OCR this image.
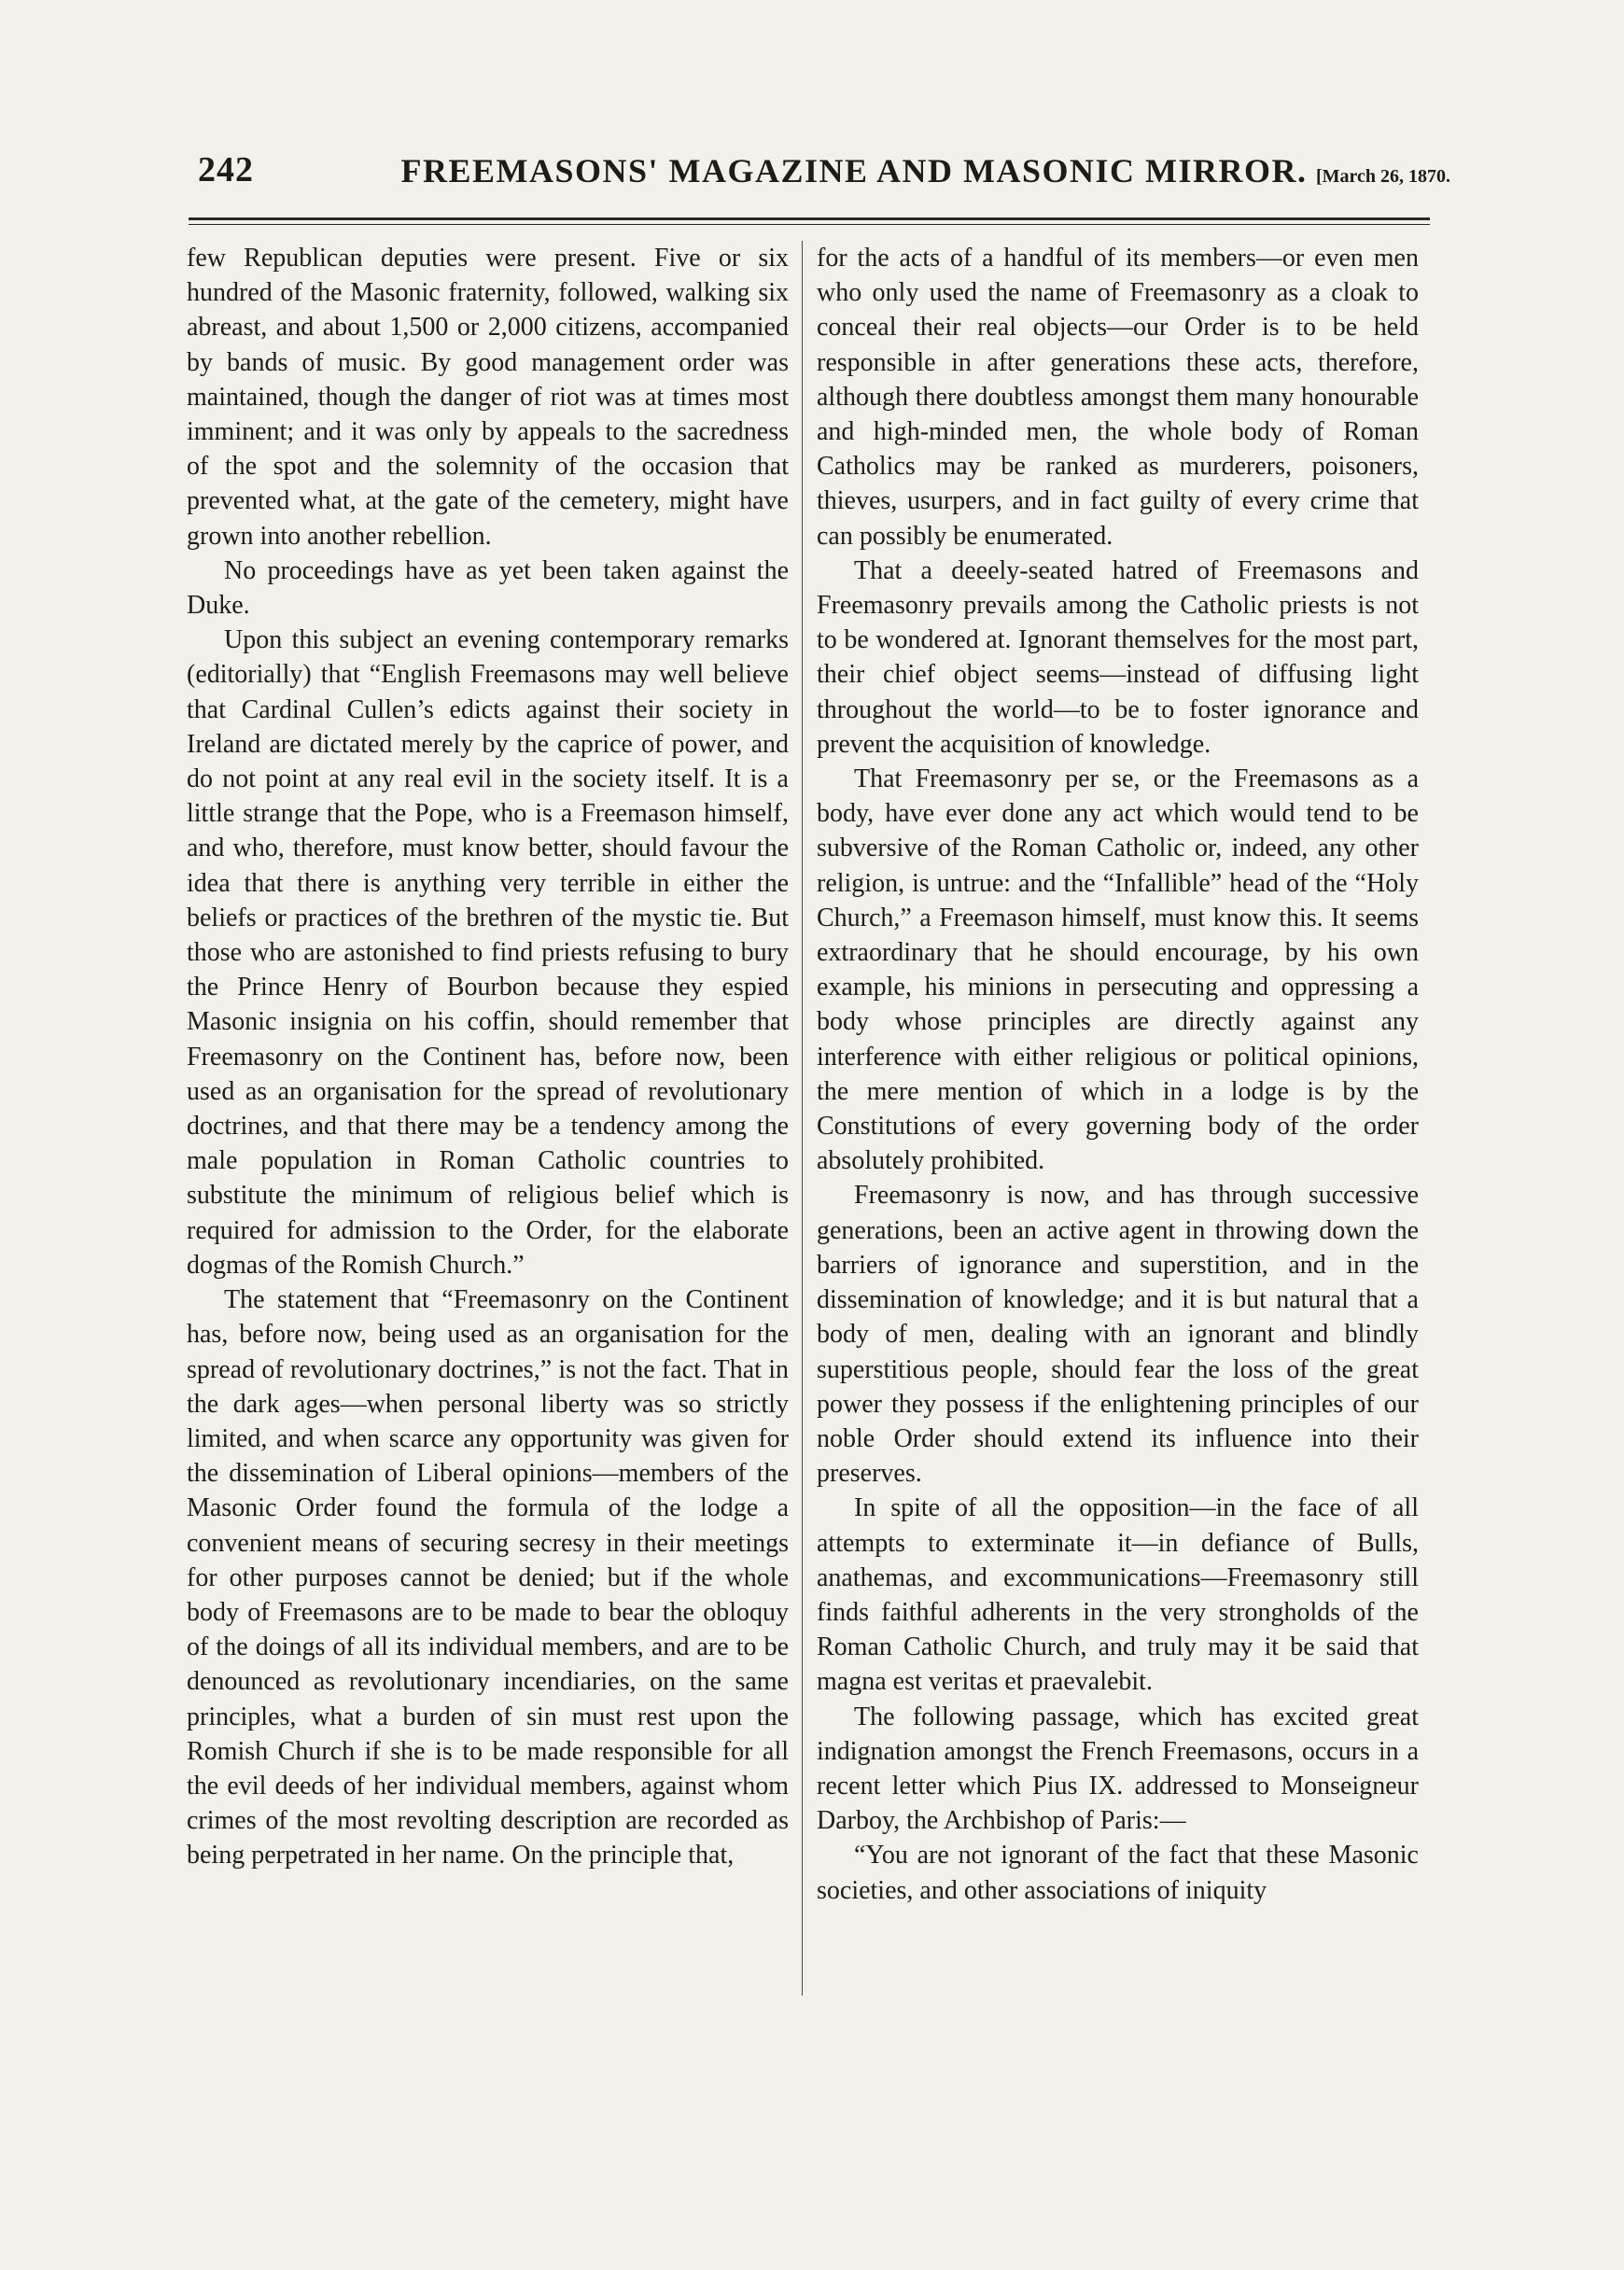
242	FREEMASONS' MAGAZINE AND MASONIC MIRROR. [March 26, 1870.

few Republican deputies were present. Five or six hundred of the Masonic fraternity, followed, walking six abreast, and about 1,500 or 2,000 citizens, accompanied by bands of music. By good management order was maintained, though the danger of riot was at times most imminent; and it was only by appeals to the sacredness of the spot and the solemnity of the occasion that prevented what, at the gate of the cemetery, might have grown into another rebellion.

No proceedings have as yet been taken against the Duke.

Upon this subject an evening contemporary remarks (editorially) that “English Freemasons may well believe that Cardinal Cullen’s edicts against their society in Ireland are dictated merely by the caprice of power, and do not point at any real evil in the society itself. It is a little strange that the Pope, who is a Freemason himself, and who, therefore, must know better, should favour the idea that there is anything very terrible in either the beliefs or practices of the brethren of the mystic tie. But those who are astonished to find priests refusing to bury the Prince Henry of Bourbon because they espied Masonic insignia on his coffin, should remember that Freemasonry on the Continent has, before now, been used as an organisation for the spread of revolutionary doctrines, and that there may be a tendency among the male population in Roman Catholic countries to substitute the minimum of religious belief which is required for admission to the Order, for the elaborate dogmas of the Romish Church.”

The statement that “Freemasonry on the Continent has, before now, being used as an organisation for the spread of revolutionary doctrines,” is not the fact. That in the dark ages—when personal liberty was so strictly limited, and when scarce any opportunity was given for the dissemination of Liberal opinions—members of the Masonic Order found the formula of the lodge a convenient means of securing secresy in their meetings for other purposes cannot be denied; but if the whole body of Freemasons are to be made to bear the obloquy of the doings of all its individual members, and are to be denounced as revolutionary incendiaries, on the same principles, what a burden of sin must rest upon the Romish Church if she is to be made responsible for all the evil deeds of her individual members, against whom crimes of the most revolting description are recorded as being perpetrated in her name. On the principle that,

for the acts of a handful of its members—or even men who only used the name of Freemasonry as a cloak to conceal their real objects—our Order is to be held responsible in after generations these acts, therefore, although there doubtless amongst them many honourable and high-minded men, the whole body of Roman Catholics may be ranked as murderers, poisoners, thieves, usurpers, and in fact guilty of every crime that can possibly be enumerated.

That a deeely-seated hatred of Freemasons and Freemasonry prevails among the Catholic priests is not to be wondered at. Ignorant themselves for the most part, their chief object seems—instead of diffusing light throughout the world—to be to foster ignorance and prevent the acquisition of knowledge.

That Freemasonry per se, or the Freemasons as a body, have ever done any act which would tend to be subversive of the Roman Catholic or, indeed, any other religion, is untrue: and the “Infallible” head of the “Holy Church,” a Freemason himself, must know this. It seems extraordinary that he should encourage, by his own example, his minions in persecuting and oppressing a body whose principles are directly against any interference with either religious or political opinions, the mere mention of which in a lodge is by the Constitutions of every governing body of the order absolutely prohibited.

Freemasonry is now, and has through successive generations, been an active agent in throwing down the barriers of ignorance and superstition, and in the dissemination of knowledge; and it is but natural that a body of men, dealing with an ignorant and blindly superstitious people, should fear the loss of the great power they possess if the enlightening principles of our noble Order should extend its influence into their preserves.

In spite of all the opposition—in the face of all attempts to exterminate it—in defiance of Bulls, anathemas, and excommunications—Freemasonry still finds faithful adherents in the very strongholds of the Roman Catholic Church, and truly may it be said that magna est veritas et praevalebit.

The following passage, which has excited great indignation amongst the French Freemasons, occurs in a recent letter which Pius IX. addressed to Monseigneur Darboy, the Archbishop of Paris:—

“You are not ignorant of the fact that these Masonic societies, and other associations of iniquity
